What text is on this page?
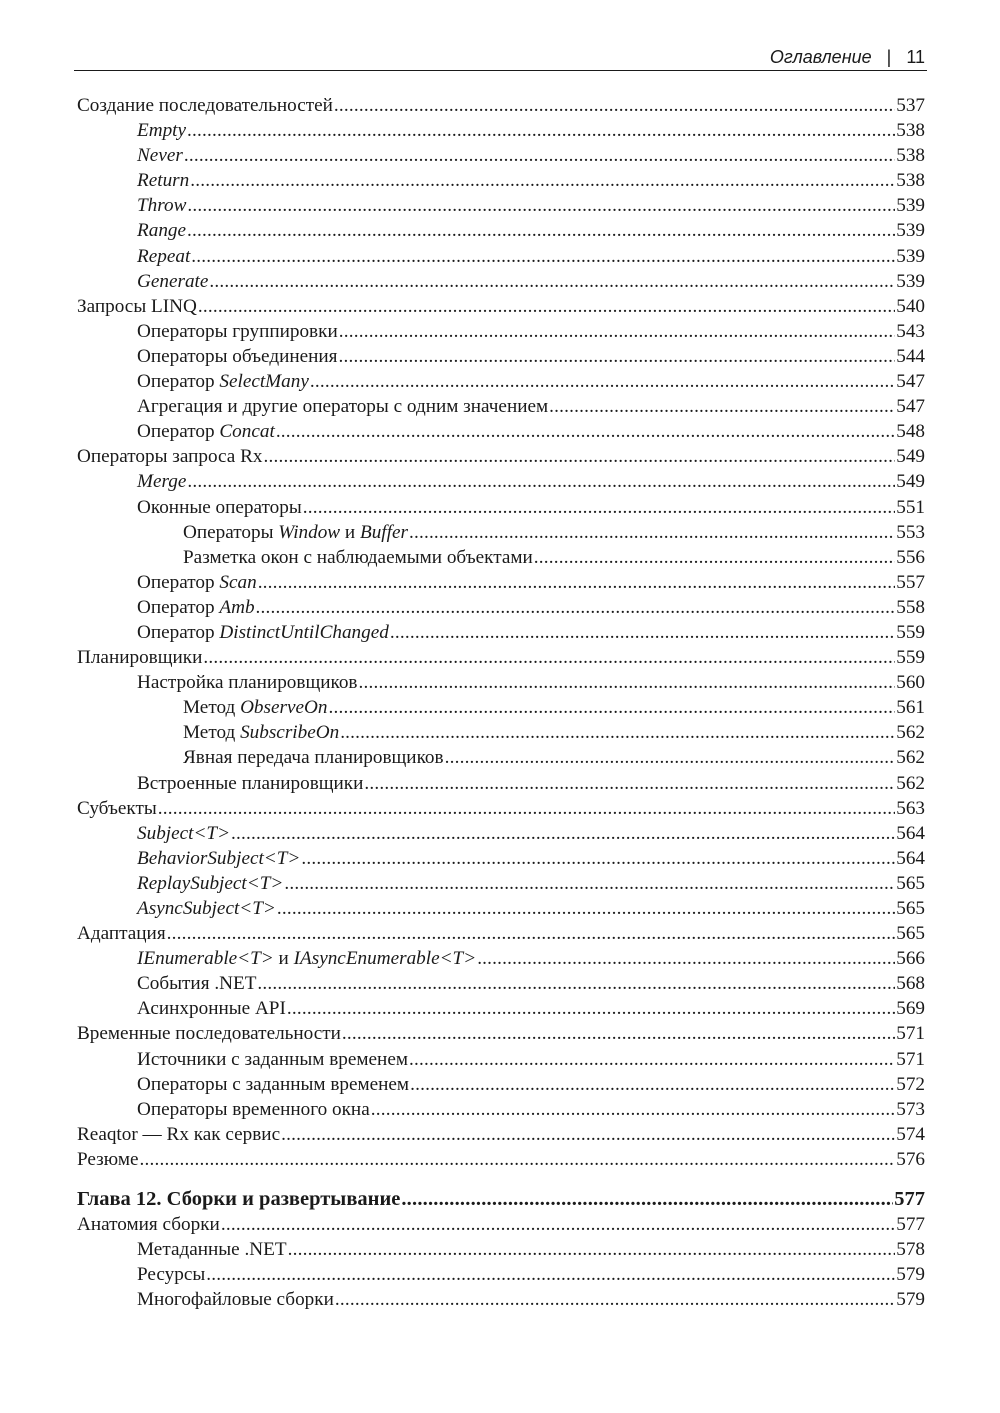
Оглавление | 11
Создание последовательностей .....	537
Empty .....	538
Never .....	538
Return .....	538
Throw .....	539
Range .....	539
Repeat .....	539
Generate .....	539
Запросы LINQ .....	540
Операторы группировки .....	543
Операторы объединения .....	544
Оператор SelectMany .....	547
Агрегация и другие операторы с одним значением .....	547
Оператор Concat .....	548
Операторы запроса Rx .....	549
Merge .....	549
Оконные операторы .....	551
Операторы Window и Buffer .....	553
Разметка окон с наблюдаемыми объектами .....	556
Оператор Scan .....	557
Оператор Amb .....	558
Оператор DistinctUntilChanged .....	559
Планировщики .....	559
Настройка планировщиков .....	560
Метод ObserveOn .....	561
Метод SubscribeOn .....	562
Явная передача планировщиков .....	562
Встроенные планировщики .....	562
Субъекты .....	563
Subject<T> .....	564
BehaviorSubject<T> .....	564
ReplaySubject<T> .....	565
AsyncSubject<T> .....	565
Адаптация .....	565
IEnumerable<T> и IAsyncEnumerable<T> .....	566
События .NET .....	568
Асинхронные API .....	569
Временные последовательности .....	571
Источники с заданным временем .....	571
Операторы с заданным временем .....	572
Операторы временного окна .....	573
Reaqtor — Rx как сервис .....	574
Резюме .....	576
Глава 12. Сборки и развертывание .....	577
Анатомия сборки .....	577
Метаданные .NET .....	578
Ресурсы .....	579
Многофайловые сборки .....	579
